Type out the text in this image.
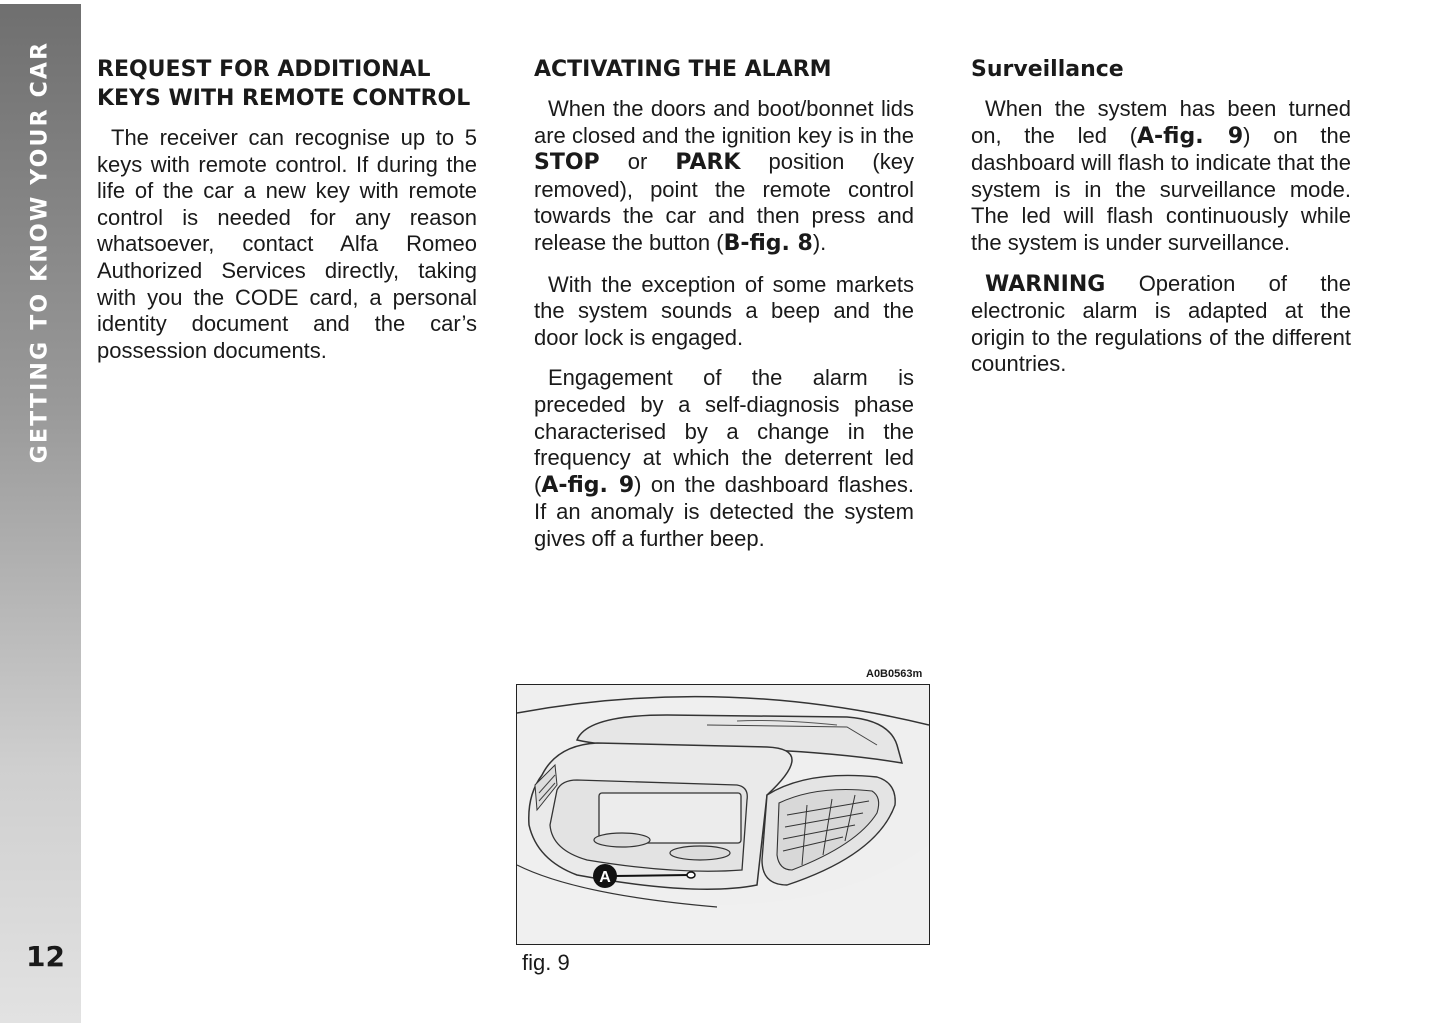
GETTING TO KNOW YOUR CAR
12
REQUEST FOR ADDITIONAL
KEYS WITH REMOTE CONTROL

The receiver can recognise up to 5 keys with remote control. If during the life of the car a new key with remote control is needed for any reason whatsoever, contact Alfa Romeo Authorized Services directly, taking with you the CODE card, a personal identity document and the car’s possession documents.

ACTIVATING THE ALARM

When the doors and boot/bonnet lids are closed and the ignition key is in the STOP or PARK position (key removed), point the remote control towards the car and then press and release the button (B-fig. 8).

With the exception of some markets the system sounds a beep and the door lock is engaged.

Engagement of the alarm is preceded by a self-diagnosis phase characterised by a change in the frequency at which the deterrent led (A-fig. 9) on the dashboard flashes. If an anomaly is detected the system gives off a further beep.

Surveillance

When the system has been turned on, the led (A-fig. 9) on the dashboard will flash to indicate that the system is in the surveillance mode. The led will flash continuously while the system is under surveillance.

WARNING Operation of the electronic alarm is adapted at the origin to the regulations of the different countries.

A0B0563m
A
fig. 9
